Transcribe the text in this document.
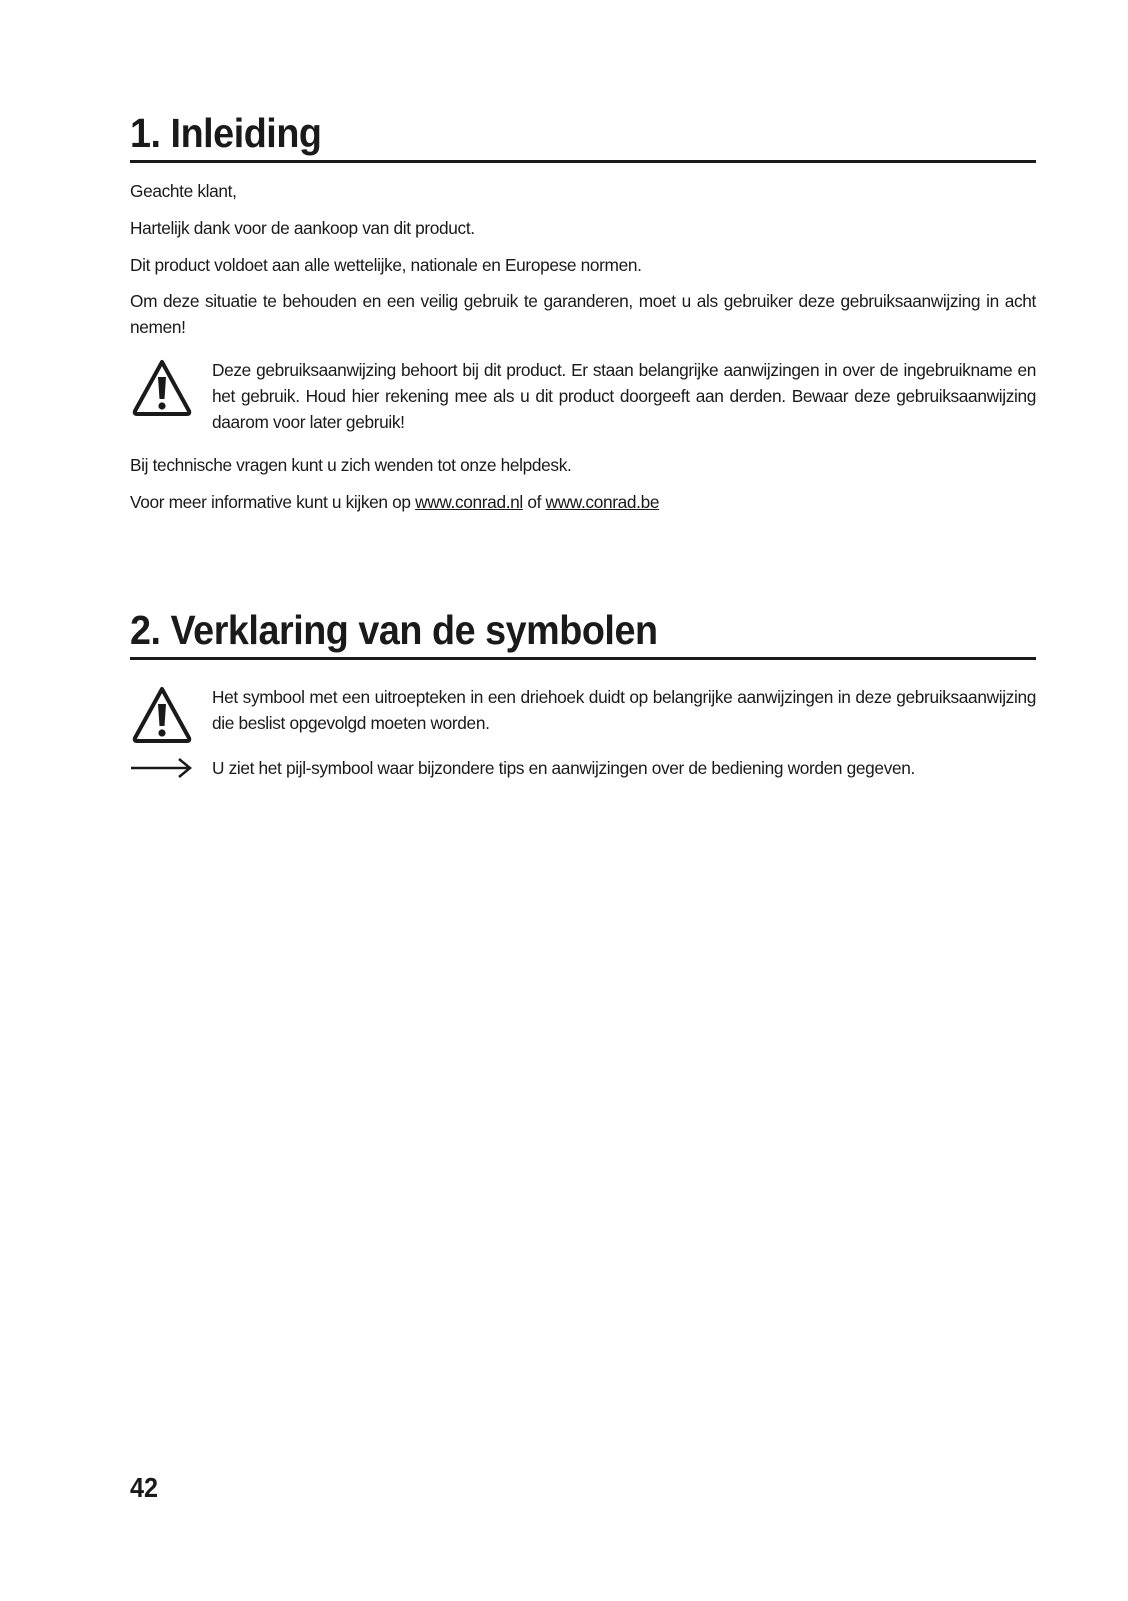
1. Inleiding

Geachte klant,

Hartelijk dank voor de aankoop van dit product.

Dit product voldoet aan alle wettelijke, nationale en Europese normen.

Om deze situatie te behouden en een veilig gebruik te garanderen, moet u als gebruiker deze gebruiksaanwijzing in acht nemen!

Deze gebruiksaanwijzing behoort bij dit product. Er staan belangrijke aanwijzingen in over de ingebruikname en het gebruik. Houd hier rekening mee als u dit product doorgeeft aan derden. Bewaar deze gebruiksaanwijzing daarom voor later gebruik!

Bij technische vragen kunt u zich wenden tot onze helpdesk.

Voor meer informative kunt u kijken op www.conrad.nl of www.conrad.be

2. Verklaring van de symbolen
Het symbool met een uitroepteken in een driehoek duidt op belangrijke aanwijzingen in deze gebruiksaanwijzing die beslist opgevolgd moeten worden.
U ziet het pijl-symbool waar bijzondere tips en aanwijzingen over de bediening worden gegeven.
42
